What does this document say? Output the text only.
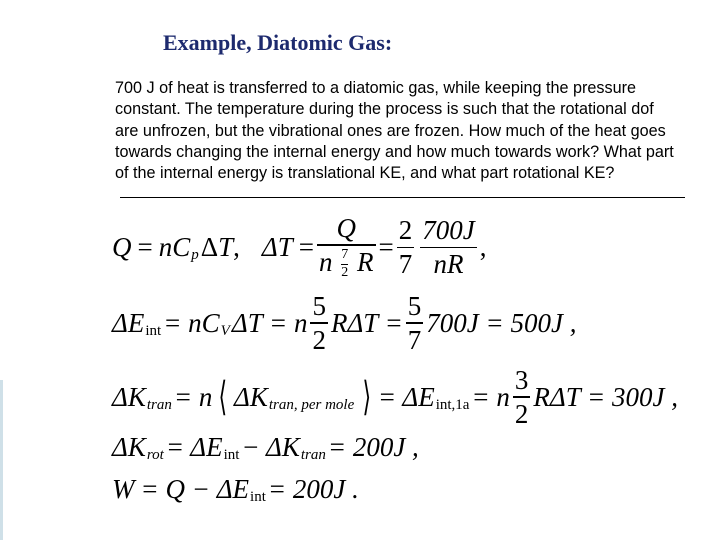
Example, Diatomic Gas:
700 J of heat is transferred to a diatomic gas, while keeping the pressure constant. The temperature during the process is such that the rotational dof are unfrozen, but the vibrational ones are frozen. How much of the heat goes towards changing the internal energy and how much towards work? What part of the internal energy is translational KE, and what part rotational KE?
Q = n C p Δ T , $\Delta T = \frac{Q}{n \frac{7}{2} R} = \frac{2}{7} \frac{700J}{nR}$ ,
ΔE int = nC V ΔT = n $\frac{5}{2}$ $R\Delta T = \frac{5}{7} 700J = 500J$ ,
ΔK tran = n ⟨ ΔK tran, per mole ⟩ = ΔE int,1a = n $\frac{3}{2}$ RΔT = 300J ,
ΔK rot = ΔE int − ΔK tran = 200J ,
W = Q − ΔE int = 200J .
